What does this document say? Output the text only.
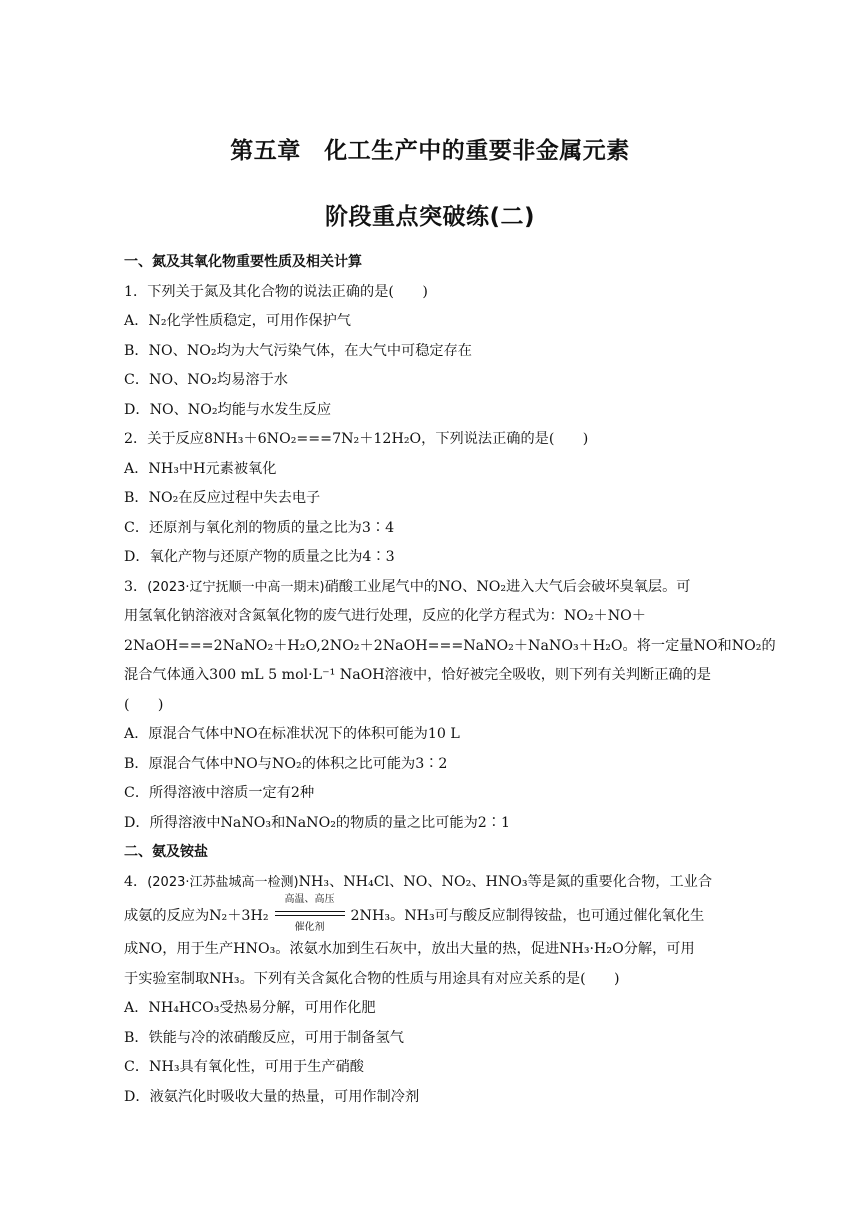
第五章　化工生产中的重要非金属元素
阶段重点突破练(二)
一、氮及其氧化物重要性质及相关计算
1．下列关于氮及其化合物的说法正确的是(　　)
A．N₂化学性质稳定，可用作保护气
B．NO、NO₂均为大气污染气体，在大气中可稳定存在
C．NO、NO₂均易溶于水
D．NO、NO₂均能与水发生反应
2．关于反应8NH₃＋6NO₂===7N₂＋12H₂O，下列说法正确的是(　　)
A．NH₃中H元素被氧化
B．NO₂在反应过程中失去电子
C．还原剂与氧化剂的物质的量之比为3∶4
D．氧化产物与还原产物的质量之比为4∶3
3．(2023·辽宁抚顺一中高一期末)硝酸工业尾气中的NO、NO₂进入大气后会破坏臭氧层。可
用氢氧化钠溶液对含氮氧化物的废气进行处理，反应的化学方程式为：NO₂＋NO＋
2NaOH===2NaNO₂＋H₂O,2NO₂＋2NaOH===NaNO₂＋NaNO₃＋H₂O。将一定量NO和NO₂的
混合气体通入300 mL 5 mol·L⁻¹ NaOH溶液中，恰好被完全吸收，则下列有关判断正确的是
(　　)
A．原混合气体中NO在标准状况下的体积可能为10 L
B．原混合气体中NO与NO₂的体积之比可能为3∶2
C．所得溶液中溶质一定有2种
D．所得溶液中NaNO₃和NaNO₂的物质的量之比可能为2∶1
二、氨及铵盐
4．(2023·江苏盐城高一检测)NH₃、NH₄Cl、NO、NO₂、HNO₃等是氮的重要化合物，工业合
成氨的反应为N₂＋3H₂
高温、高压
催化剂
2NH₃。NH₃可与酸反应制得铵盐，也可通过催化氧化生
成NO，用于生产HNO₃。浓氨水加到生石灰中，放出大量的热，促进NH₃·H₂O分解，可用
于实验室制取NH₃。下列有关含氮化合物的性质与用途具有对应关系的是(　　)
A．NH₄HCO₃受热易分解，可用作化肥
B．铁能与冷的浓硝酸反应，可用于制备氢气
C．NH₃具有氧化性，可用于生产硝酸
D．液氨汽化时吸收大量的热量，可用作制冷剂
